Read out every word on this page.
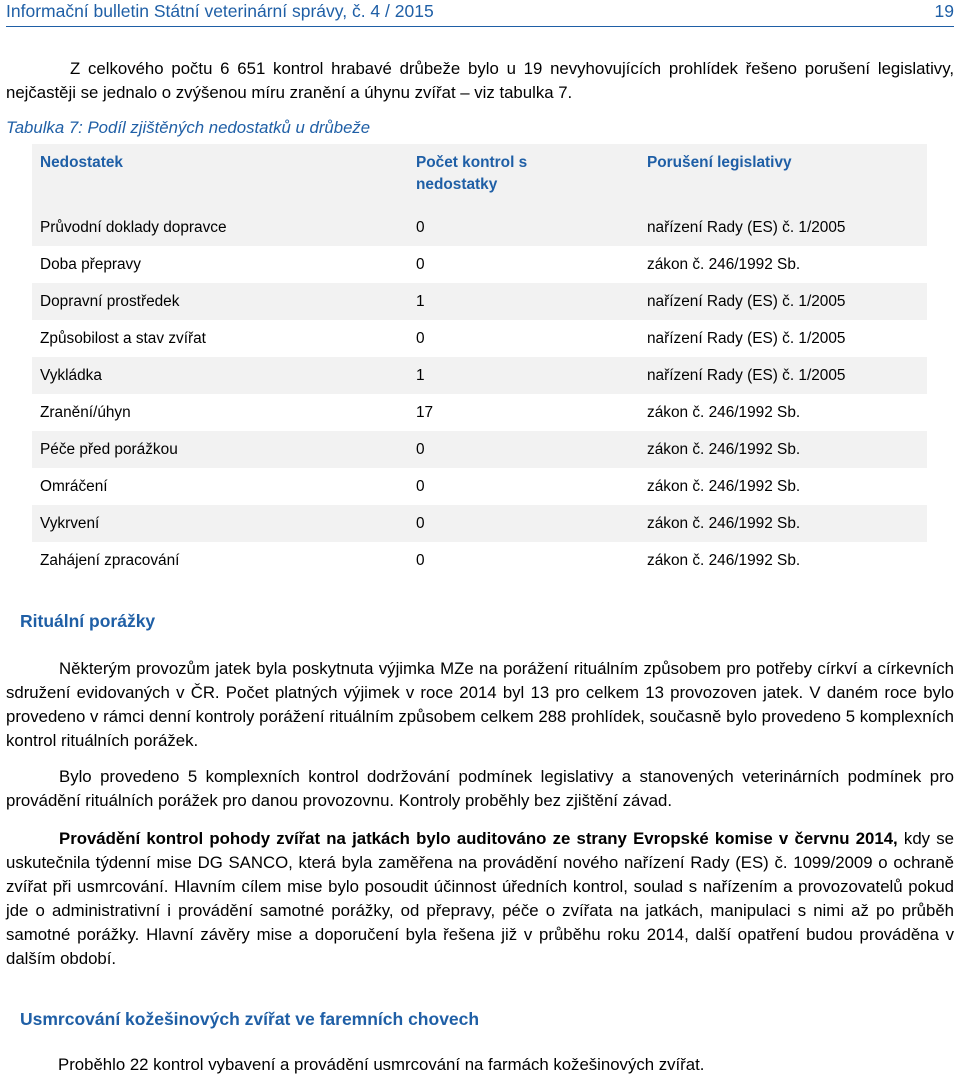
Informační bulletin Státní veterinární správy, č. 4 / 2015	19
Z celkového počtu 6 651 kontrol hrabavé drůbeže bylo u 19 nevyhovujících prohlídek řešeno porušení legislativy, nejčastěji se jednalo o zvýšenou míru zranění a úhynu zvířat – viz tabulka 7.
Tabulka 7: Podíl zjištěných nedostatků u drůbeže
Nedostatek	Počet kontrol s nedostatky	Porušení legislativy
Průvodní doklady dopravce	0	nařízení Rady (ES) č. 1/2005
Doba přepravy	0	zákon č. 246/1992 Sb.
Dopravní prostředek	1	nařízení Rady (ES) č. 1/2005
Způsobilost a stav zvířat	0	nařízení Rady (ES) č. 1/2005
Vykládka	1	nařízení Rady (ES) č. 1/2005
Zranění/úhyn	17	zákon č. 246/1992 Sb.
Péče před porážkou	0	zákon č. 246/1992 Sb.
Omráčení	0	zákon č. 246/1992 Sb.
Vykrvení	0	zákon č. 246/1992 Sb.
Zahájení zpracování	0	zákon č. 246/1992 Sb.
Rituální porážky
Některým provozům jatek byla poskytnuta výjimka MZe na porážení rituálním způsobem pro potřeby církví a církevních sdružení evidovaných v ČR. Počet platných výjimek v roce 2014 byl 13 pro celkem 13 provozoven jatek. V daném roce bylo provedeno v rámci denní kontroly porážení rituálním způsobem celkem 288 prohlídek, současně bylo provedeno 5 komplexních kontrol rituálních porážek.
Bylo provedeno 5 komplexních kontrol dodržování podmínek legislativy a stanovených veterinárních podmínek pro provádění rituálních porážek pro danou provozovnu. Kontroly proběhly bez zjištění závad.
Provádění kontrol pohody zvířat na jatkách bylo auditováno ze strany Evropské komise v červnu 2014, kdy se uskutečnila týdenní mise DG SANCO, která byla zaměřena na provádění nového nařízení Rady (ES) č. 1099/2009 o ochraně zvířat při usmrcování. Hlavním cílem mise bylo posoudit účinnost úředních kontrol, soulad s nařízením a provozovatelů pokud jde o administrativní i provádění samotné porážky, od přepravy, péče o zvířata na jatkách, manipulaci s nimi až po průběh samotné porážky. Hlavní závěry mise a doporučení byla řešena již v průběhu roku 2014, další opatření budou prováděna v dalším období.
Usmrcování kožešinových zvířat ve faremních chovech
Proběhlo 22 kontrol vybavení a provádění usmrcování na farmách kožešinových zvířat.
